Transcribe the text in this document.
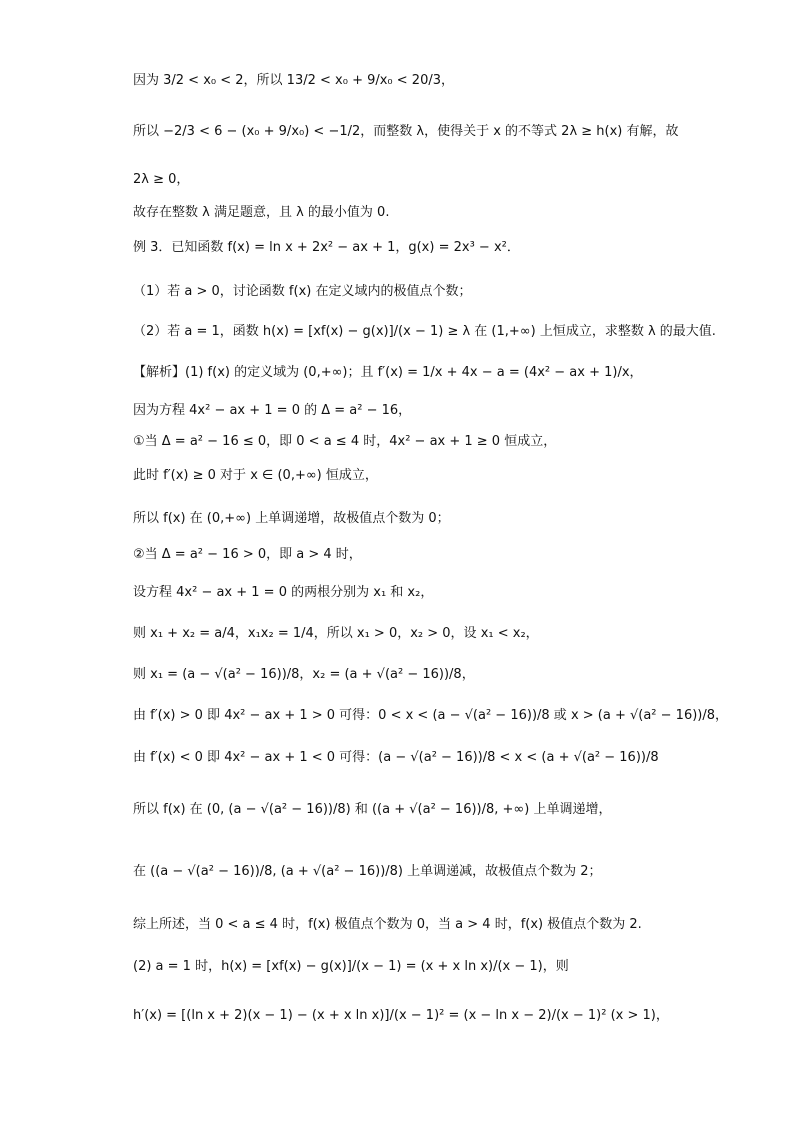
因为 3/2 < x₀ < 2，所以 13/2 < x₀ + 9/x₀ < 20/3，
所以 −2/3 < 6 − (x₀ + 9/x₀) < −1/2，而整数 λ，使得关于 x 的不等式 2λ ≥ h(x) 有解，故
2λ ≥ 0，
故存在整数 λ 满足题意，且 λ 的最小值为 0.
例 3．已知函数 f(x) = ln x + 2x² − ax + 1，g(x) = 2x³ − x²．
（1）若 a > 0，讨论函数 f(x) 在定义域内的极值点个数；
（2）若 a = 1，函数 h(x) = [xf(x) − g(x)]/(x − 1) ≥ λ 在 (1,+∞) 上恒成立，求整数 λ 的最大值.
【解析】(1) f(x) 的定义域为 (0,+∞)；且 f′(x) = 1/x + 4x − a = (4x² − ax + 1)/x，
因为方程 4x² − ax + 1 = 0 的 Δ = a² − 16，
①当 Δ = a² − 16 ≤ 0，即 0 < a ≤ 4 时，4x² − ax + 1 ≥ 0 恒成立，
此时 f′(x) ≥ 0 对于 x ∈ (0,+∞) 恒成立，
所以 f(x) 在 (0,+∞) 上单调递增，故极值点个数为 0；
②当 Δ = a² − 16 > 0，即 a > 4 时，
设方程 4x² − ax + 1 = 0 的两根分别为 x₁ 和 x₂，
则 x₁ + x₂ = a/4，x₁x₂ = 1/4，所以 x₁ > 0，x₂ > 0，设 x₁ < x₂，
则 x₁ = (a − √(a² − 16))/8，x₂ = (a + √(a² − 16))/8，
由 f′(x) > 0 即 4x² − ax + 1 > 0 可得：0 < x < (a − √(a² − 16))/8 或 x > (a + √(a² − 16))/8，
由 f′(x) < 0 即 4x² − ax + 1 < 0 可得：(a − √(a² − 16))/8 < x < (a + √(a² − 16))/8
所以 f(x) 在 (0, (a − √(a² − 16))/8) 和 ((a + √(a² − 16))/8, +∞) 上单调递增，
在 ((a − √(a² − 16))/8, (a + √(a² − 16))/8) 上单调递减，故极值点个数为 2；
综上所述，当 0 < a ≤ 4 时，f(x) 极值点个数为 0，当 a > 4 时，f(x) 极值点个数为 2.
(2) a = 1 时，h(x) = [xf(x) − g(x)]/(x − 1) = (x + x ln x)/(x − 1)，则
h′(x) = [(ln x + 2)(x − 1) − (x + x ln x)]/(x − 1)² = (x − ln x − 2)/(x − 1)² (x > 1)，
